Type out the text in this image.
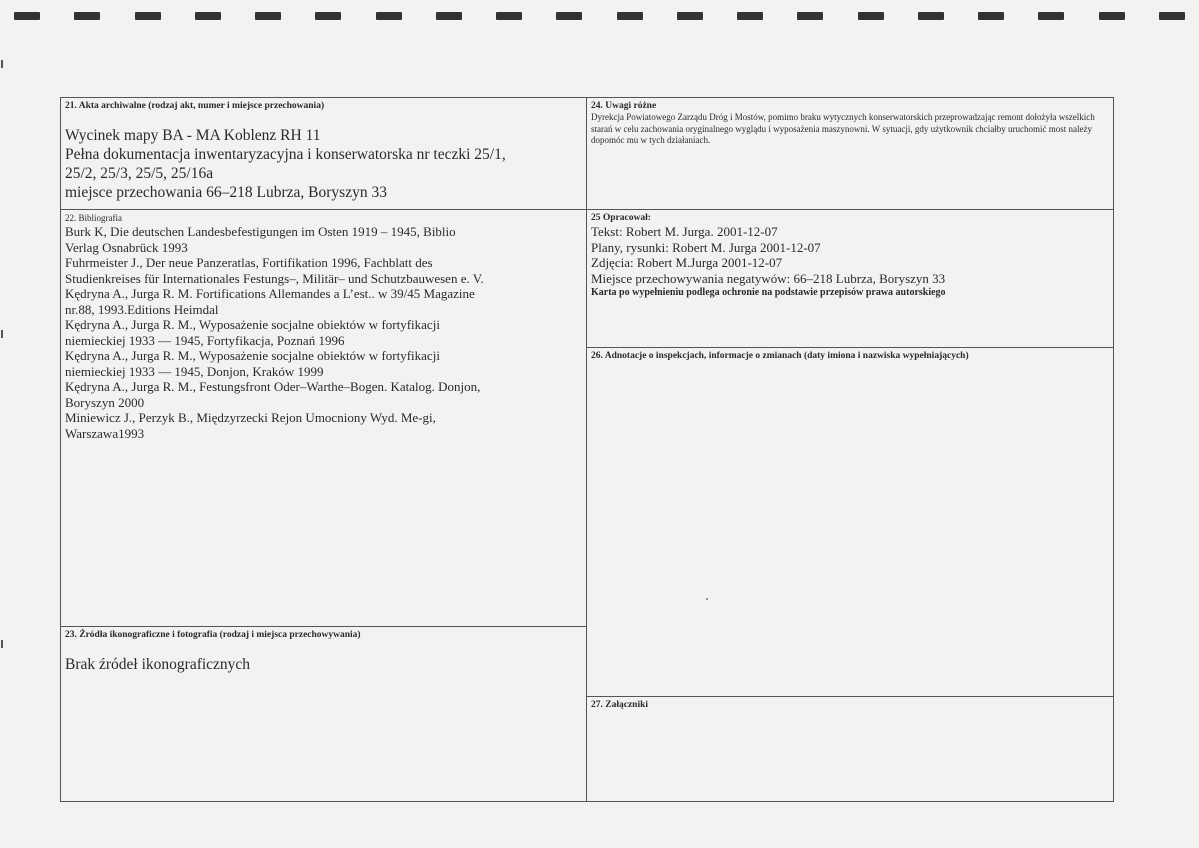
21. Akta archiwalne (rodzaj akt, numer i miejsce przechowania)

Wycinek mapy BA - MA Koblenz RH 11

Pełna dokumentacja inwentaryzacyjna i konserwatorska nr teczki 25/1,

25/2, 25/3, 25/5, 25/16a

miejsce przechowania 66–218 Lubrza, Boryszyn 33

24. Uwagi różne
Dyrekcja Powiatowego Zarządu Dróg i Mostów, pomimo braku wytycznych konserwatorskich przeprowadzając remont dołożyła wszelkich starań w celu zachowania oryginalnego wyglądu i wyposażenia maszynowni. W sytuacji, gdy użytkownik chciałby uruchomić most należy dopomóc mu w tych działaniach.
22. Bibliografia

Burk K, Die deutschen Landesbefestigungen im Osten 1919 – 1945, Biblio

Verlag Osnabrück 1993

Fuhrmeister J., Der neue Panzeratlas, Fortifikation 1996, Fachblatt des

Studienkreises für Internationales Festungs–, Militär– und Schutzbauwesen e. V.

Kędryna A., Jurga R. M. Fortifications Allemandes a L’est.. w 39/45 Magazine

nr.88, 1993.Editions Heimdal

Kędryna A., Jurga R. M., Wyposażenie socjalne obiektów w fortyfikacji

niemieckiej 1933 — 1945, Fortyfikacja, Poznań 1996

Kędryna A., Jurga R. M., Wyposażenie socjalne obiektów w fortyfikacji

niemieckiej 1933 — 1945, Donjon, Kraków 1999

Kędryna A., Jurga R. M., Festungsfront Oder–Warthe–Bogen. Katalog. Donjon,

Boryszyn 2000

Miniewicz J., Perzyk B., Międzyrzecki Rejon Umocniony Wyd. Me-gi,

Warszawa1993

25 Opracował:

Tekst: Robert M. Jurga. 2001-12-07

Plany, rysunki: Robert M. Jurga 2001-12-07

Zdjęcia: Robert M.Jurga 2001-12-07

Miejsce przechowywania negatywów: 66–218 Lubrza, Boryszyn 33

Karta po wypełnieniu podlega ochronie na podstawie przepisów prawa autorskiego
26. Adnotacje o inspekcjach, informacje o zmianach (daty imiona i nazwiska wypełniających)
23. Źródła ikonograficzne i fotografia (rodzaj i miejsca przechowywania)
Brak źródeł ikonograficznych
27. Załączniki
